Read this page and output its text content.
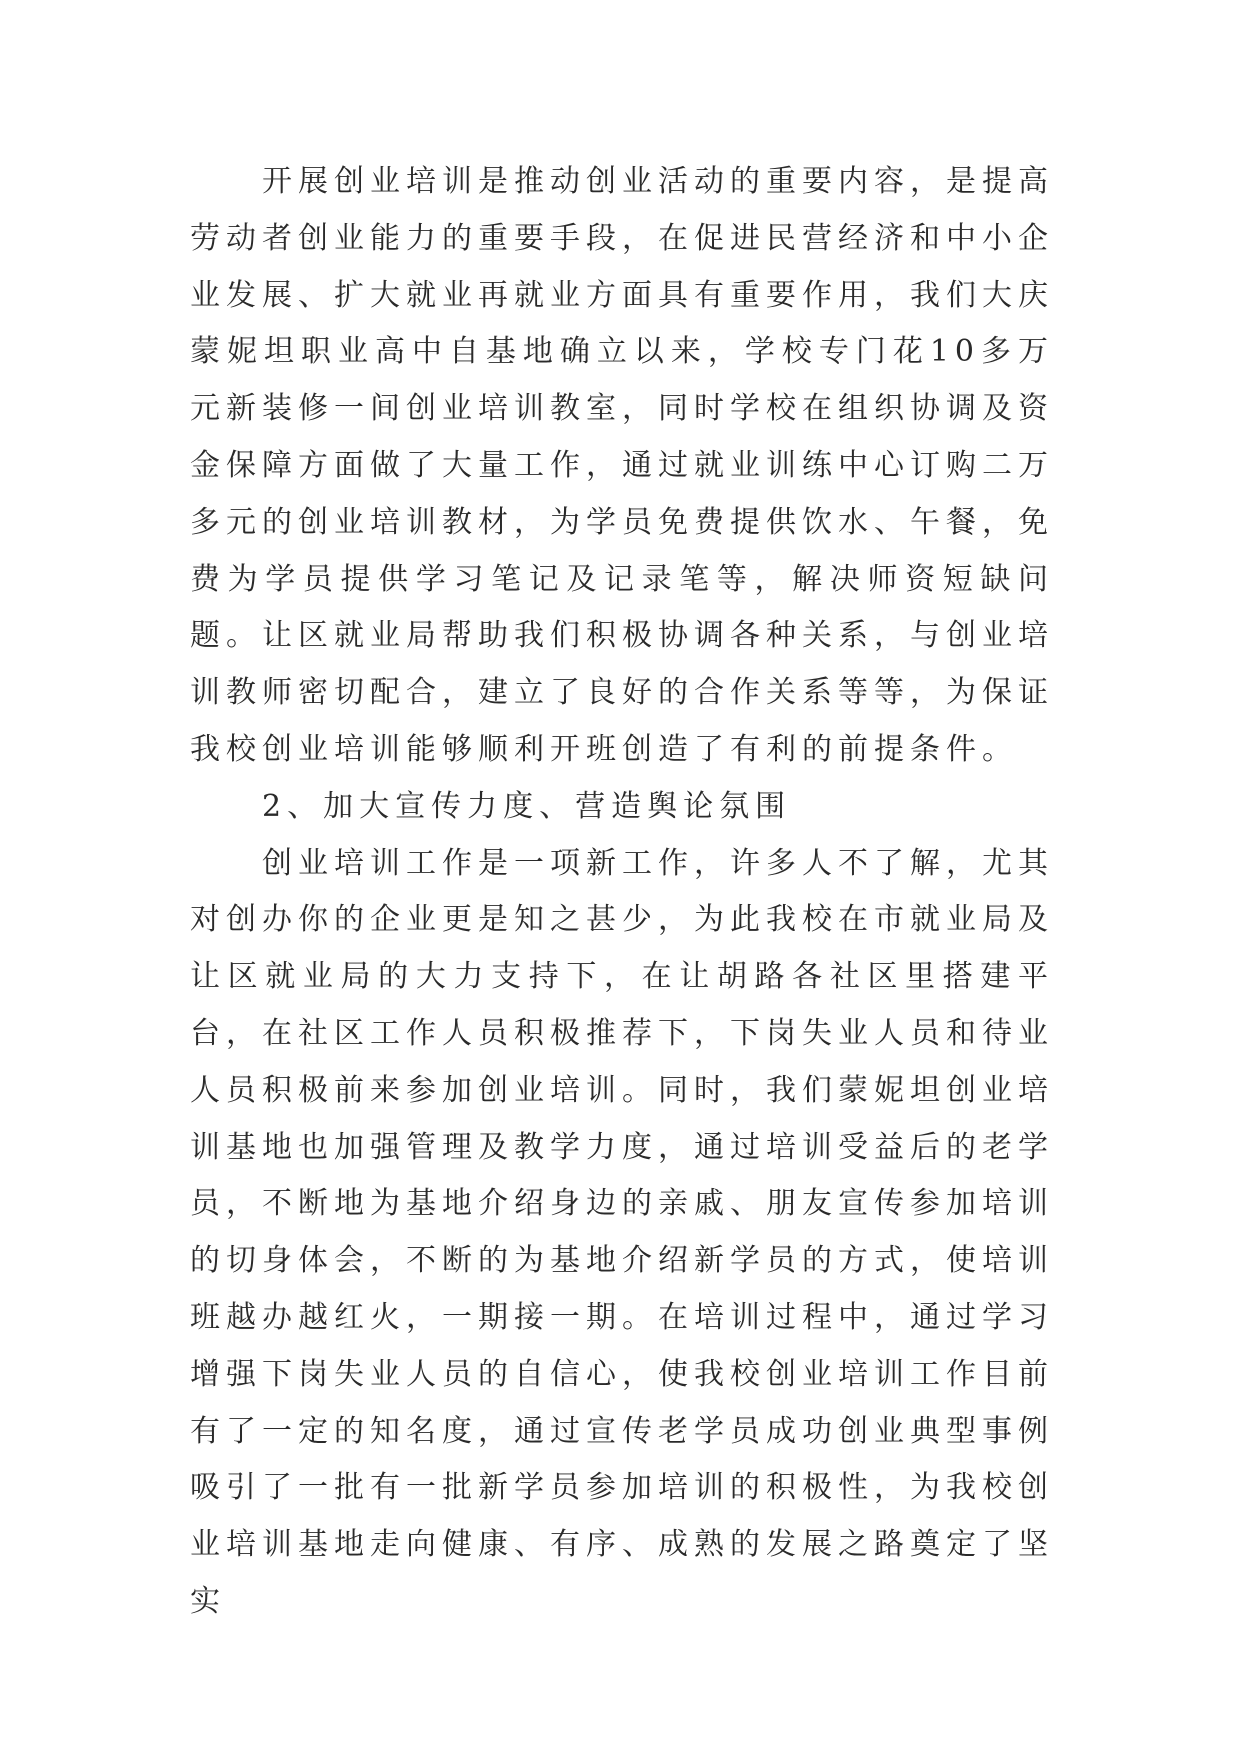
开展创业培训是推动创业活动的重要内容，是提高劳动者创业能力的重要手段，在促进民营经济和中小企业发展、扩大就业再就业方面具有重要作用，我们大庆蒙妮坦职业高中自基地确立以来，学校专门花10多万元新装修一间创业培训教室，同时学校在组织协调及资金保障方面做了大量工作，通过就业训练中心订购二万多元的创业培训教材，为学员免费提供饮水、午餐，免费为学员提供学习笔记及记录笔等，解决师资短缺问题。让区就业局帮助我们积极协调各种关系，与创业培训教师密切配合，建立了良好的合作关系等等，为保证我校创业培训能够顺利开班创造了有利的前提条件。

2、加大宣传力度、营造舆论氛围

创业培训工作是一项新工作，许多人不了解，尤其对创办你的企业更是知之甚少，为此我校在市就业局及让区就业局的大力支持下，在让胡路各社区里搭建平台，在社区工作人员积极推荐下，下岗失业人员和待业人员积极前来参加创业培训。同时，我们蒙妮坦创业培训基地也加强管理及教学力度，通过培训受益后的老学员，不断地为基地介绍身边的亲戚、朋友宣传参加培训的切身体会，不断的为基地介绍新学员的方式，使培训班越办越红火，一期接一期。在培训过程中，通过学习增强下岗失业人员的自信心，使我校创业培训工作目前有了一定的知名度，通过宣传老学员成功创业典型事例吸引了一批有一批新学员参加培训的积极性，为我校创业培训基地走向健康、有序、成熟的发展之路奠定了坚实
